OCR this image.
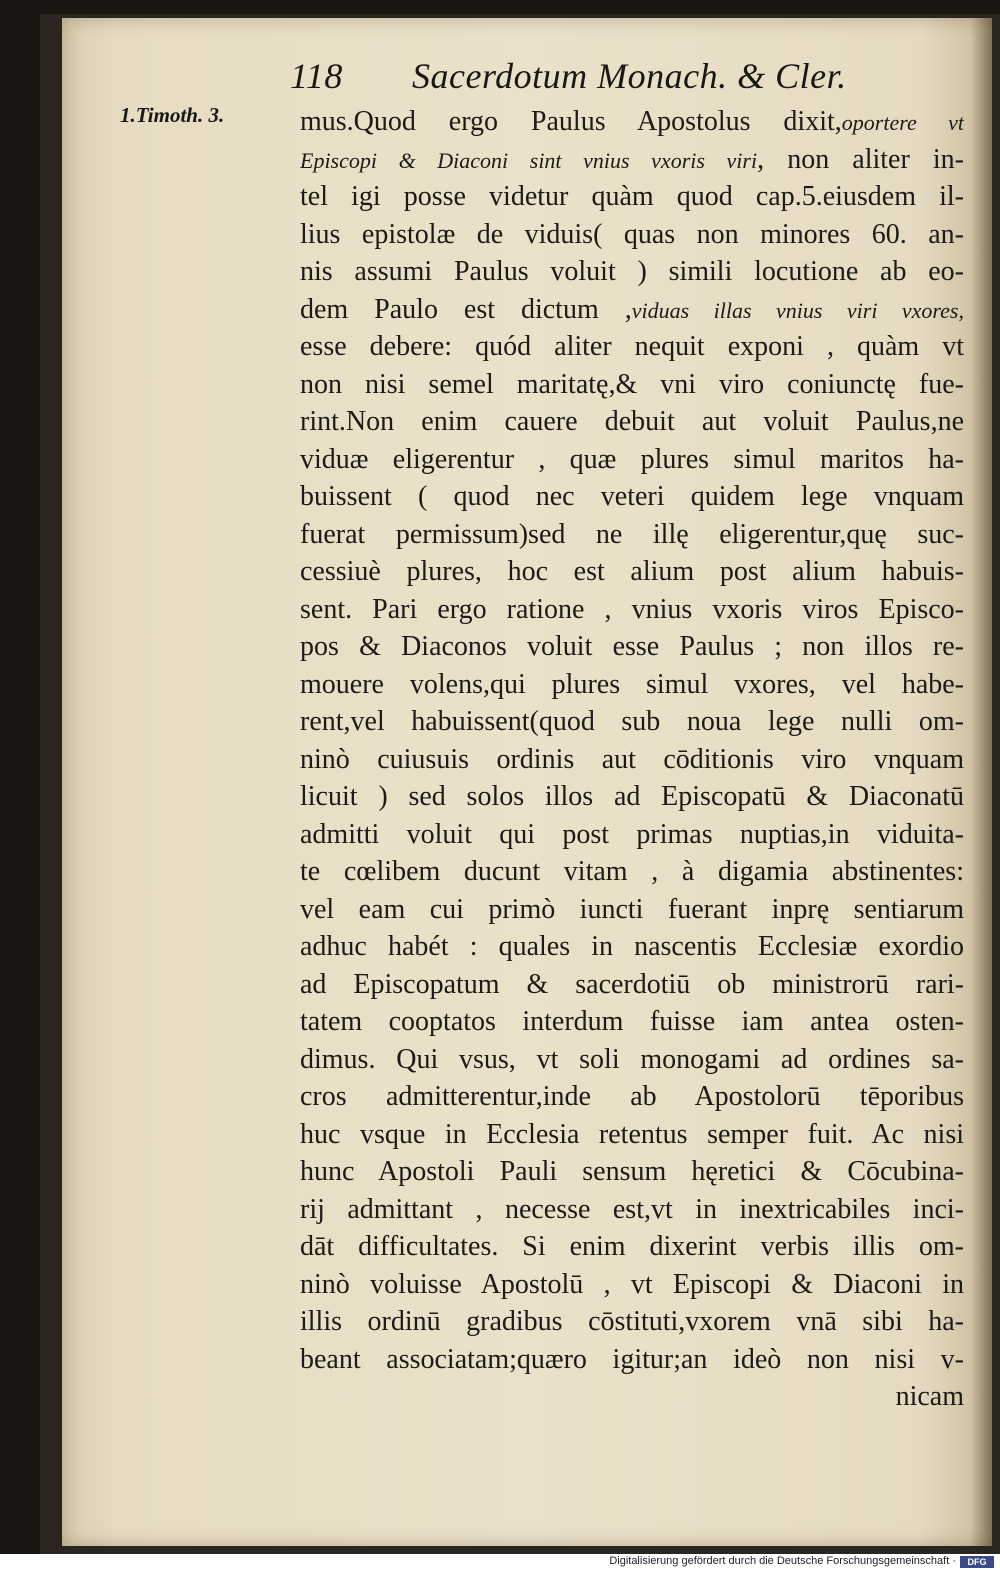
118 Sacerdotum Monach. & Cler.
1.Timoth. 3.	mus.Quod ergo Paulus Apostolus dixit,oportere vt
Episcopi & Diaconi sint vnius vxoris viri, non aliter in-
tel igi posse videtur quàm quod cap.5.eiusdem il-
lius epistolæ de viduis( quas non minores 60. an-
nis assumi Paulus voluit ) simili locutione ab eo-
dem Paulo est dictum ,viduas illas vnius viri vxores,
esse debere: quód aliter nequit exponi , quàm vt
non nisi semel maritatę,& vni viro coniunctę fue-
rint.Non enim cauere debuit aut voluit Paulus,ne
viduæ eligerentur , quæ plures simul maritos ha-
buissent ( quod nec veteri quidem lege vnquam
fuerat permissum)sed ne illę eligerentur,quę suc-
cessiuè plures, hoc est alium post alium habuis-
sent. Pari ergo ratione , vnius vxoris viros Episco-
pos & Diaconos voluit esse Paulus ; non illos re-
mouere volens,qui plures simul vxores, vel habe-
rent,vel habuissent(quod sub noua lege nulli om-
ninò cuiusuis ordinis aut cōditionis viro vnquam
licuit ) sed solos illos ad Episcopatū & Diaconatū
admitti voluit qui post primas nuptias,in viduita-
te cœlibem ducunt vitam , à digamia abstinentes:
vel eam cui primò iuncti fuerant inprę sentiarum
adhuc habét : quales in nascentis Ecclesiæ exordio
ad Episcopatum & sacerdotiū ob ministrorū rari-
tatem cooptatos interdum fuisse iam antea osten-
dimus. Qui vsus, vt soli monogami ad ordines sa-
cros admitterentur,inde ab Apostolorū tēporibus
huc vsque in Ecclesia retentus semper fuit. Ac nisi
hunc Apostoli Pauli sensum hęretici & Cōcubina-
rij admittant , necesse est,vt in inextricabiles inci-
dāt difficultates. Si enim dixerint verbis illis om-
ninò voluisse Apostolū , vt Episcopi & Diaconi in
illis ordinū gradibus cōstituti,vxorem vnā sibi ha-
beant associatam;quæro igitur;an ideò non nisi v-
nicam
Digitalisierung gefördert durch die Deutsche Forschungsgemeinschaft ·	DFG
